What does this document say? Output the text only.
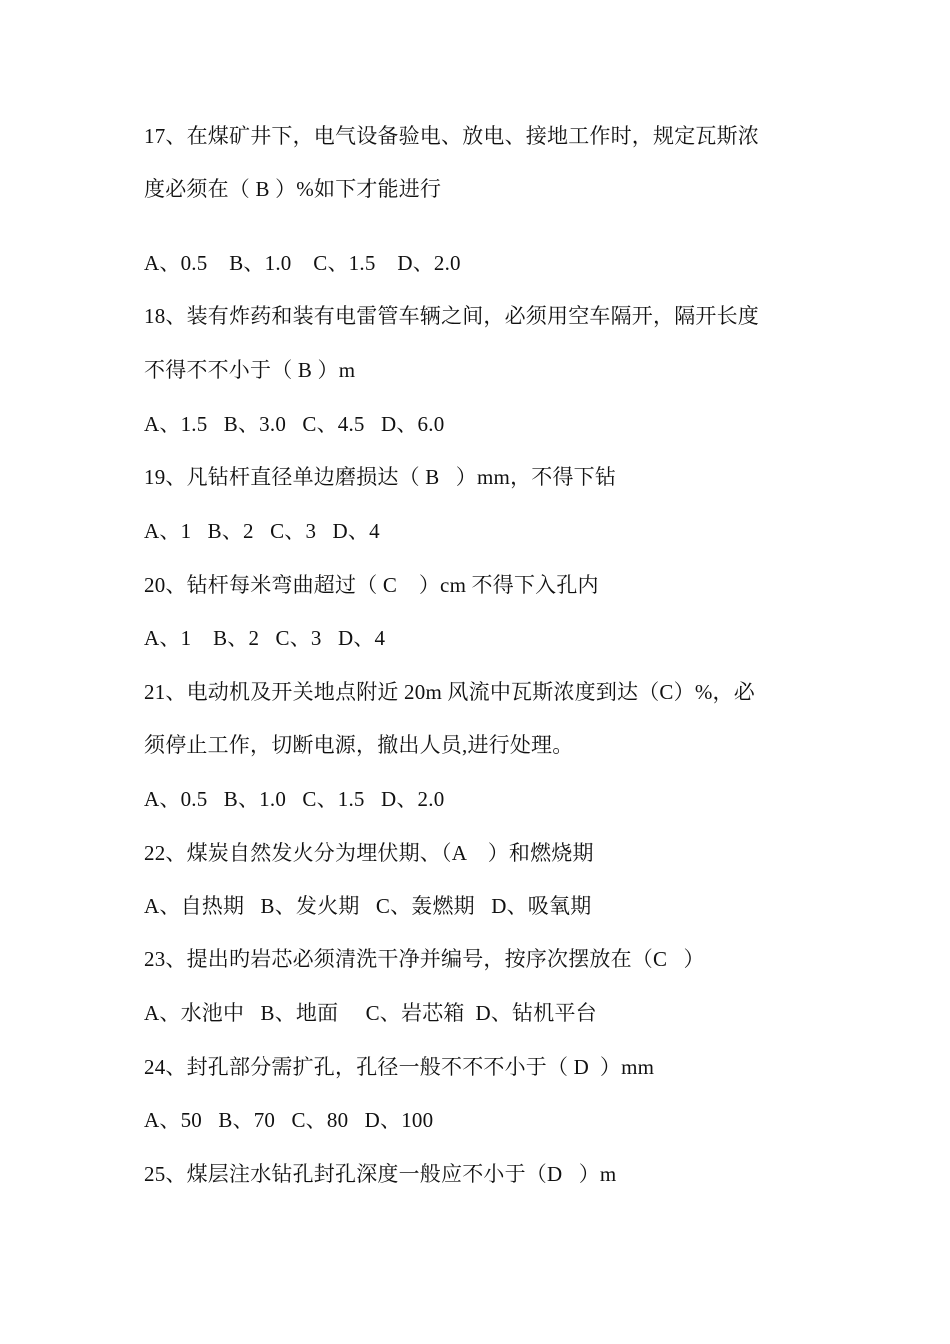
17、在煤矿井下，电气设备验电、放电、接地工作时，规定瓦斯浓
度必须在（ B ）%如下才能进行
A、0.5    B、1.0    C、1.5    D、2.0
18、装有炸药和装有电雷管车辆之间，必须用空车隔开，隔开长度
不得不不小于（ B ）m
A、1.5   B、3.0   C、4.5   D、6.0
19、凡钻杆直径单边磨损达（ B   ）mm，不得下钻
A、1   B、2   C、3   D、4
20、钻杆每米弯曲超过（ C    ）cm 不得下入孔内
A、1    B、2   C、3   D、4
21、电动机及开关地点附近 20m 风流中瓦斯浓度到达（C）%，必
须停止工作，切断电源，撤出人员,进行处理。
A、0.5   B、1.0   C、1.5   D、2.0
22、煤炭自然发火分为埋伏期、（A    ）和燃烧期
A、自热期   B、发火期   C、轰燃期   D、吸氧期
23、提出旳岩芯必须清洗干净并编号，按序次摆放在（C   ）
A、水池中   B、地面     C、岩芯箱  D、钻机平台
24、封孔部分需扩孔，孔径一般不不不小于（ D  ）mm
A、50   B、70   C、80   D、100
25、煤层注水钻孔封孔深度一般应不小于（D   ）m
